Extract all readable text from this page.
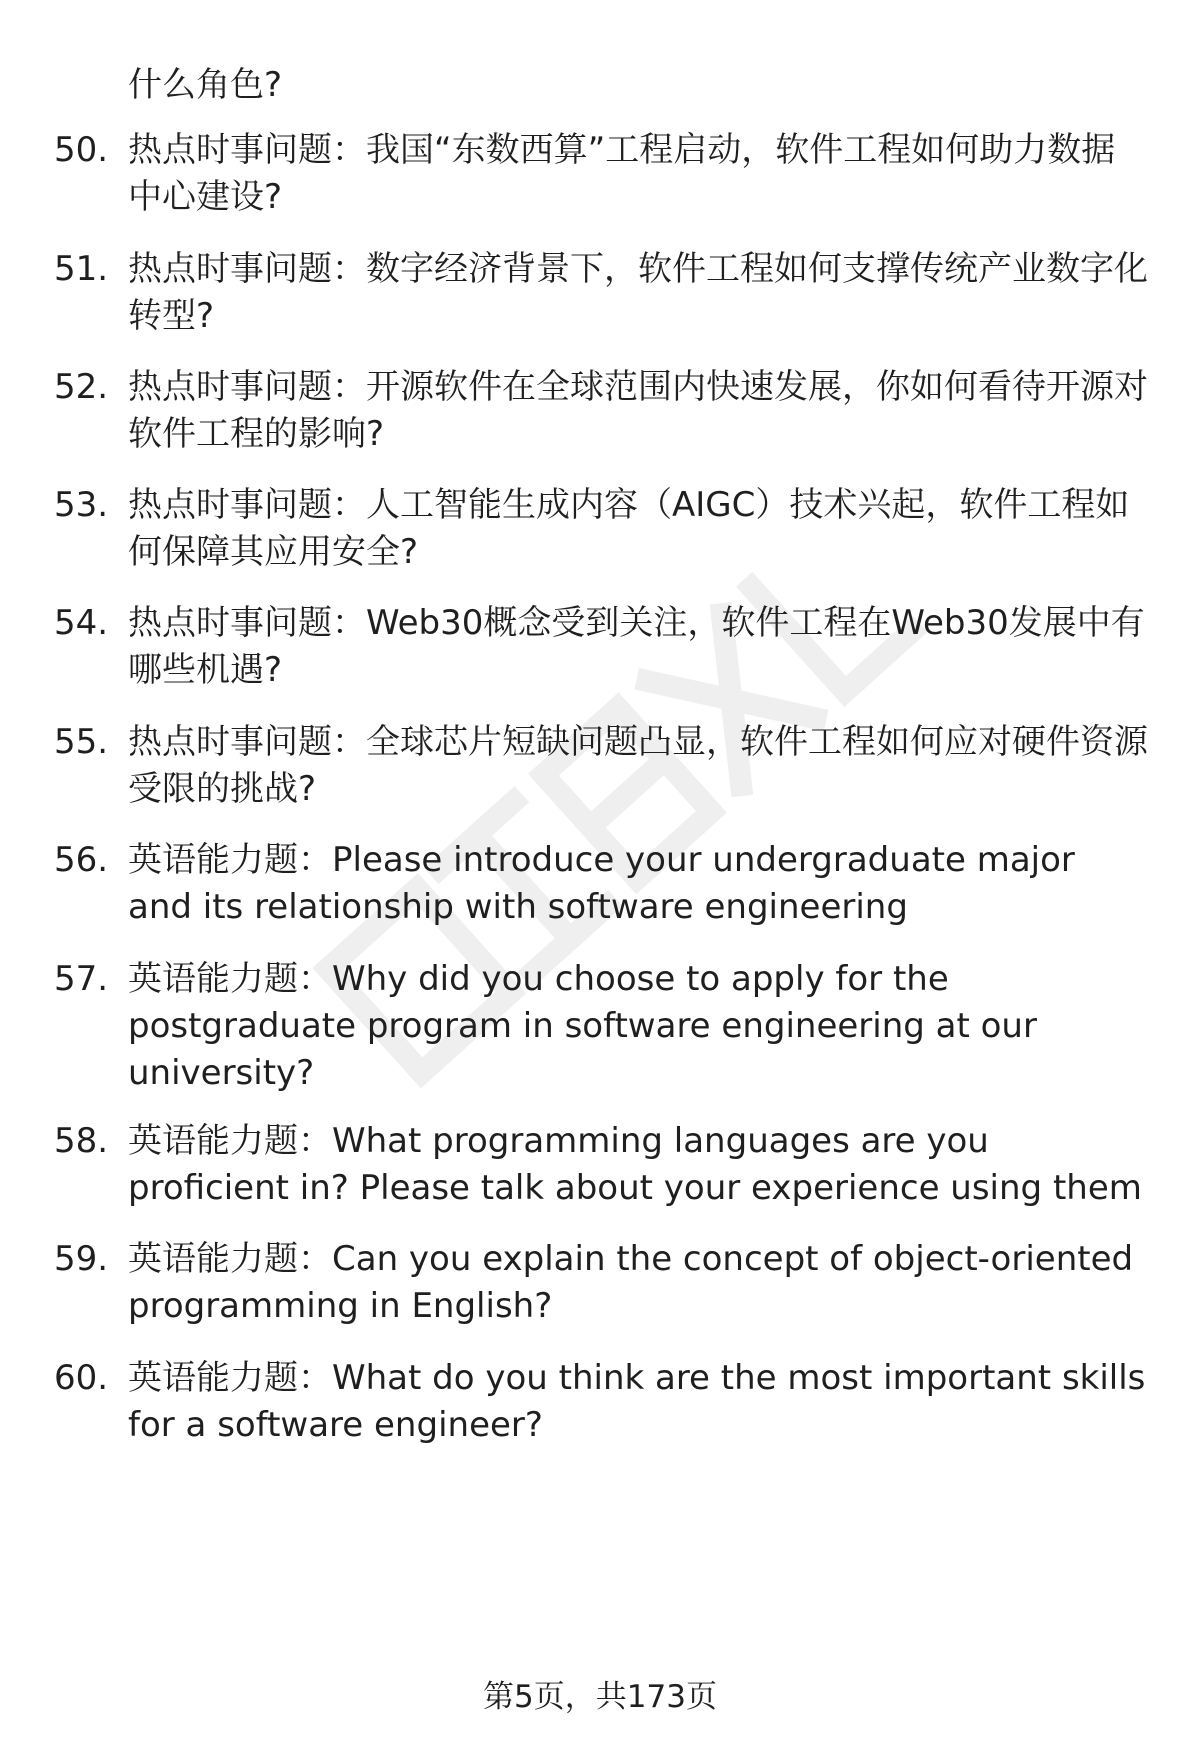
什么角色?

50. 热点时事问题：我国“东数西算”工程启动，软件工程如何助力数据中心建设?

51. 热点时事问题：数字经济背景下，软件工程如何支撑传统产业数字化转型?

52. 热点时事问题：开源软件在全球范围内快速发展，你如何看待开源对软件工程的影响?

53. 热点时事问题：人工智能生成内容（AIGC）技术兴起，软件工程如何保障其应用安全?

54. 热点时事问题：Web30概念受到关注，软件工程在Web30发展中有哪些机遇?

55. 热点时事问题：全球芯片短缺问题凸显，软件工程如何应对硬件资源受限的挑战?

56. 英语能力题：Please introduce your undergraduate major and its relationship with software engineering

57. 英语能力题：Why did you choose to apply for the postgraduate program in software engineering at our university?

58. 英语能力题：What programming languages are you proficient in? Please talk about your experience using them

59. 英语能力题：Can you explain the concept of object-oriented programming in English?

60. 英语能力题：What do you think are the most important skills for a software engineer?

第5页，共173页
